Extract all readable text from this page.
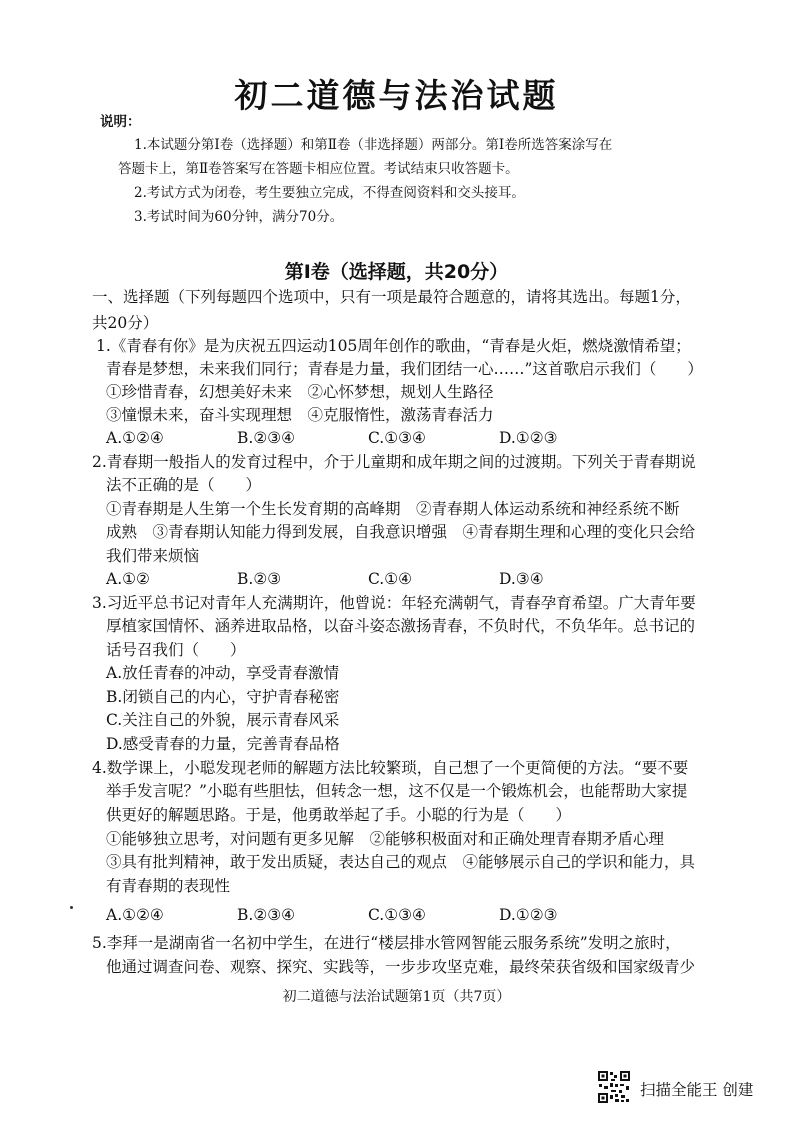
初二道德与法治试题
说明：
1.本试题分第Ⅰ卷（选择题）和第Ⅱ卷（非选择题）两部分。第Ⅰ卷所选答案涂写在
答题卡上，第Ⅱ卷答案写在答题卡相应位置。考试结束只收答题卡。
2.考试方式为闭卷，考生要独立完成，不得查阅资料和交头接耳。
3.考试时间为60分钟，满分70分。
第Ⅰ卷（选择题，共20分）
一、选择题（下列每题四个选项中，只有一项是最符合题意的，请将其选出。每题1分，
共20分）
1.《青春有你》是为庆祝五四运动105周年创作的歌曲，“青春是火炬，燃烧激情希望；
青春是梦想，未来我们同行；青春是力量，我们团结一心……”这首歌启示我们（　　）
①珍惜青春，幻想美好未来　②心怀梦想，规划人生路径
③憧憬未来，奋斗实现理想　④克服惰性，激荡青春活力
A.①②④	B.②③④	C.①③④	D.①②③
2.青春期一般指人的发育过程中，介于儿童期和成年期之间的过渡期。下列关于青春期说
法不正确的是（　　）
①青春期是人生第一个生长发育期的高峰期　②青春期人体运动系统和神经系统不断
成熟　③青春期认知能力得到发展，自我意识增强　④青春期生理和心理的变化只会给
我们带来烦恼
A.①②	B.②③	C.①④	D.③④
3.习近平总书记对青年人充满期许，他曾说：年轻充满朝气，青春孕育希望。广大青年要
厚植家国情怀、涵养进取品格，以奋斗姿态激扬青春，不负时代，不负华年。总书记的
话号召我们（　　）
A.放任青春的冲动，享受青春激情
B.闭锁自己的内心，守护青春秘密
C.关注自己的外貌，展示青春风采
D.感受青春的力量，完善青春品格
4.数学课上，小聪发现老师的解题方法比较繁琐，自己想了一个更简便的方法。“要不要
举手发言呢？”小聪有些胆怯，但转念一想，这不仅是一个锻炼机会，也能帮助大家提
供更好的解题思路。于是，他勇敢举起了手。小聪的行为是（　　）
①能够独立思考，对问题有更多见解　②能够积极面对和正确处理青春期矛盾心理
③具有批判精神，敢于发出质疑，表达自己的观点　④能够展示自己的学识和能力，具
有青春期的表现性
A.①②④	B.②③④	C.①③④	D.①②③
5.李拜一是湖南省一名初中学生，在进行“楼层排水管网智能云服务系统”发明之旅时，
他通过调查问卷、观察、探究、实践等，一步步攻坚克难，最终荣获省级和国家级青少
初二道德与法治试题第1页（共7页）
扫描全能王 创建
